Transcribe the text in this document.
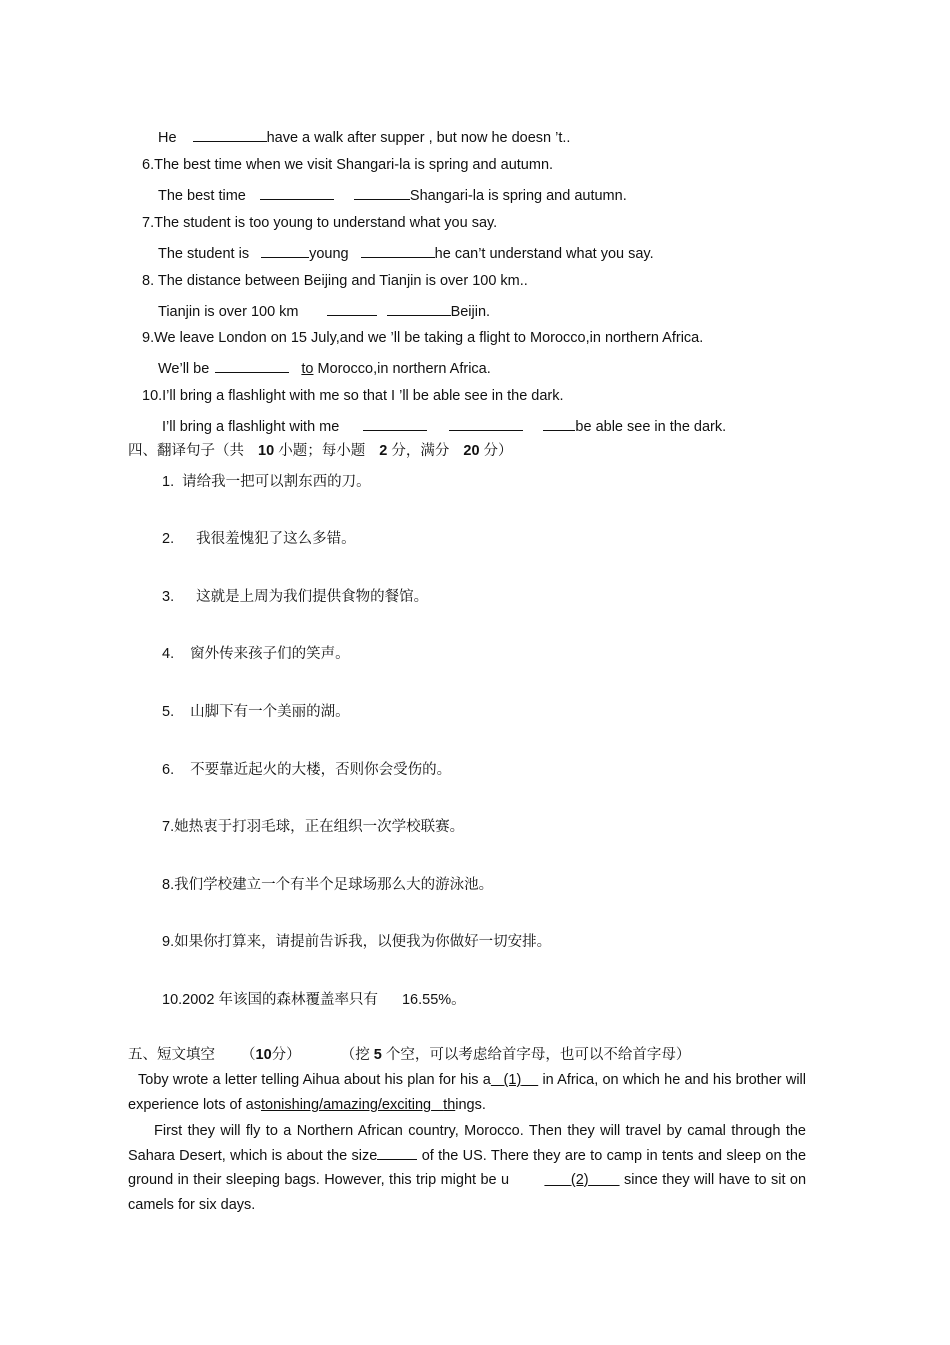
He	have a walk after supper , but now he doesn ’t..
6.The best time when we visit Shangari-la is spring and autumn.
The best time	Shangari-la is spring and autumn.
7.The student is too young to understand what you say.
The student is	young	he can’t understand what you say.
8. The distance between Beijing and Tianjin is over 100 km..
Tianjin is over 100 km	Beijin.
9.We leave London on 15 July,and we ’ll be taking a flight to Morocco,in northern Africa.
We’ll be	to Morocco,in northern Africa.
10.I’ll bring a flashlight with me so that I ’ll be able see in the dark.
I’ll bring a flashlight with me	be able see in the dark.
四、翻译句子（共 10 小题；每小题 2 分，满分 20 分）
1. 请给我一把可以割东西的刀。
2. 我很羞愧犯了这么多错。
3. 这就是上周为我们提供食物的餐馆。
4. 窗外传来孩子们的笑声。
5. 山脚下有一个美丽的湖。
6. 不要靠近起火的大楼，否则你会受伤的。
7.她热衷于打羽毛球，正在组织一次学校联赛。
8.我们学校建立一个有半个足球场那么大的游泳池。
9.如果你打算来，请提前告诉我，以便我为你做好一切安排。
10.2002 年该国的森林覆盖率只有 16.55%。
五、短文填空 （10分）	（挖 5 个空，可以考虑给首字母，也可以不给首字母）
Toby wrote a letter telling Aihua about his plan for his a (1) in Africa, on which he and his brother will experience lots of astonishing/amazing/exciting things.
First they will fly to a Northern African country, Morocco. Then they will travel by camal through the Sahara Desert, which is about the size	of the US. There they are to camp in tents and sleep on the ground in their sleeping bags. However, this trip might be u	(2) since they will have to sit on camels for six days.
